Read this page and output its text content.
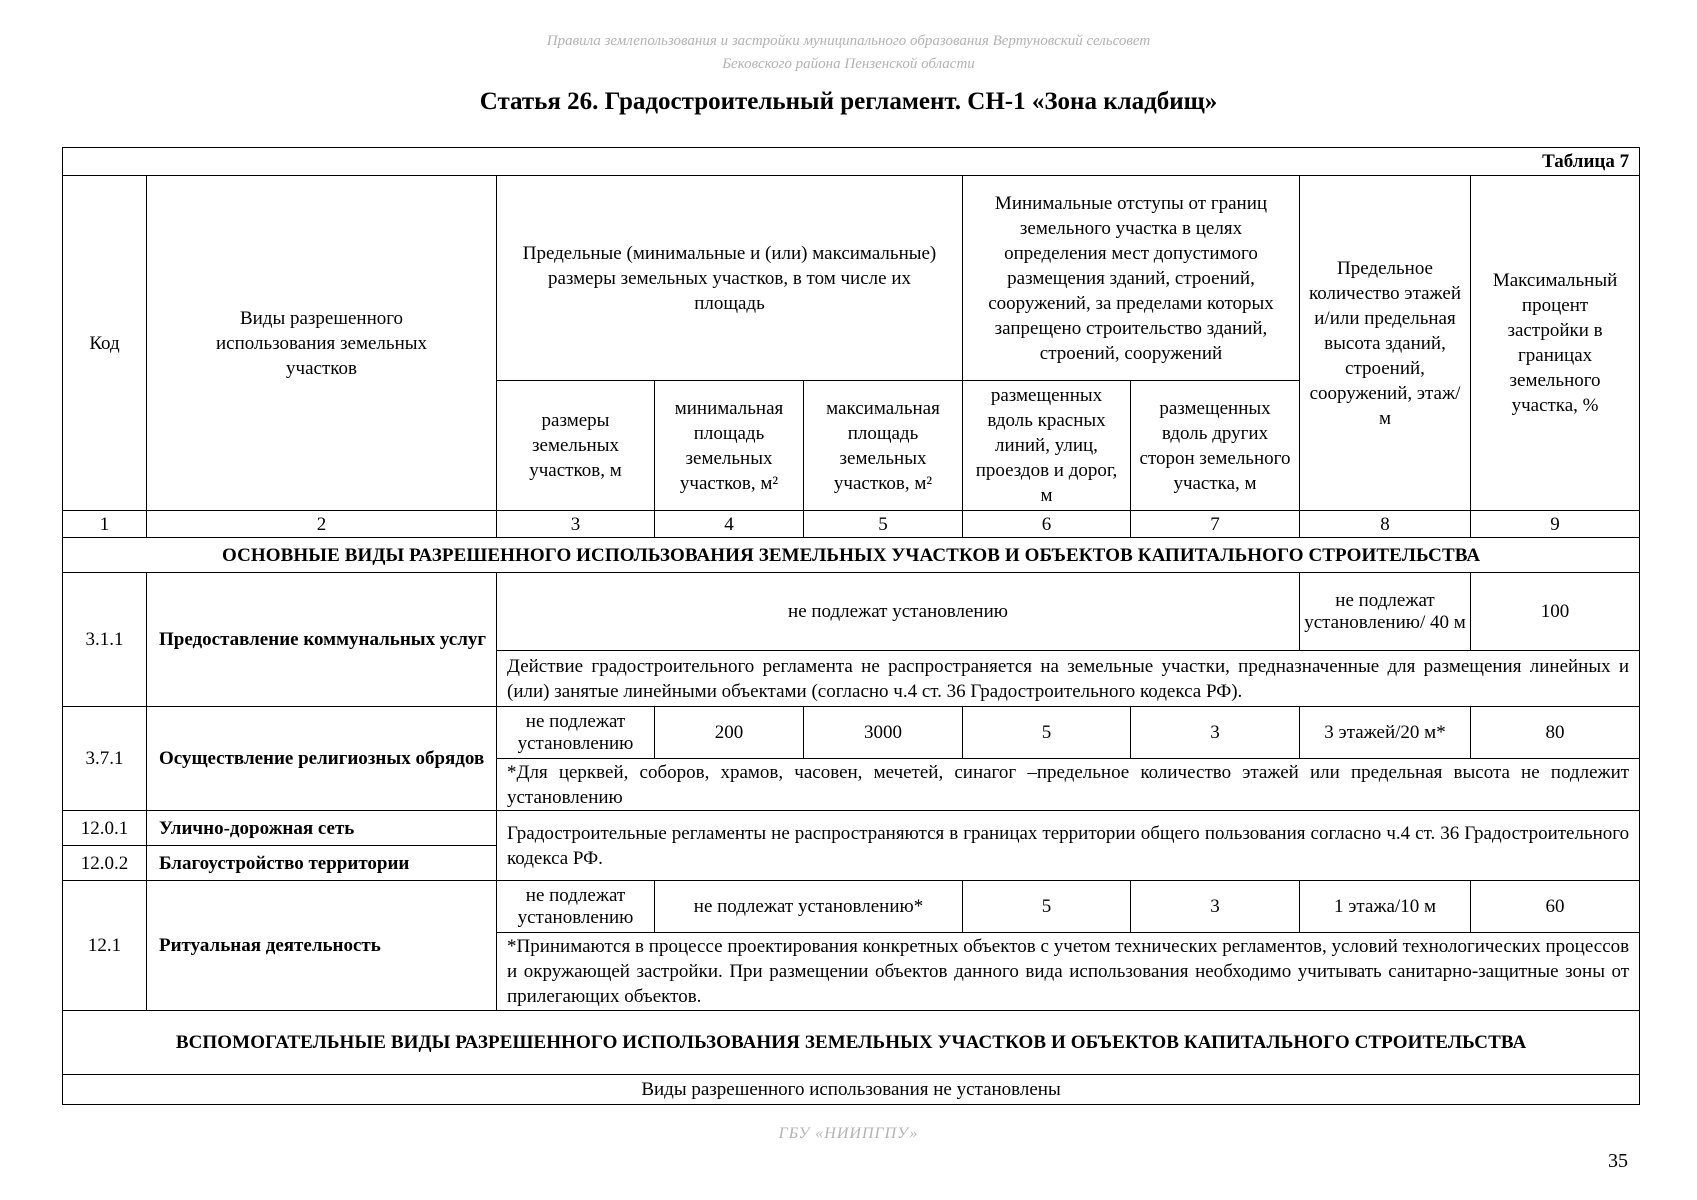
Правила землепользования и застройки муниципального образования Вертуновский сельсовет
Бековского района Пензенской области
Статья 26. Градостроительный регламент. СН-1 «Зона кладбищ»
Таблица 7								
Код	Виды разрешенного использования земельных участков	Предельные (минимальные и (или) максимальные) размеры земельных участков, в том числе их площадь			Минимальные отступы от границ земельного участка в целях определения мест допустимого размещения зданий, строений, сооружений, за пределами которых запрещено строительство зданий, строений, сооружений		Предельное количество этажей и/или предельная высота зданий, строений, сооружений, этаж/м	Максимальный процент застройки в границах земельного участка, %
		размеры земельных участков, м	минимальная площадь земельных участков, м²	максимальная площадь земельных участков, м²	размещенных вдоль красных линий, улиц, проездов и дорог, м	размещенных вдоль других сторон земельного участка, м		
1	2	3	4	5	6	7	8	9
ОСНОВНЫЕ ВИДЫ РАЗРЕШЕННОГО ИСПОЛЬЗОВАНИЯ ЗЕМЕЛЬНЫХ УЧАСТКОВ И ОБЪЕКТОВ КАПИТАЛЬНОГО СТРОИТЕЛЬСТВА								
3.1.1	Предоставление коммунальных услуг	не подлежат установлению					не подлежат установлению/ 40 м	100
		Действие градостроительного регламента не распространяется на земельные участки, предназначенные для размещения линейных и (или) занятые линейными объектами (согласно ч.4 ст. 36 Градостроительного кодекса РФ).						
3.7.1	Осуществление религиозных обрядов	не подлежат установлению	200	3000	5	3	3 этажей/20 м*	80
		*Для церквей, соборов, храмов, часовен, мечетей, синагог –предельное количество этажей или предельная высота не подлежит установлению						
12.0.1	Улично-дорожная сеть	Градостроительные регламенты не распространяются в границах территории общего пользования согласно ч.4 ст. 36 Градостроительного кодекса РФ.						
12.0.2	Благоустройство территории							
12.1	Ритуальная деятельность	не подлежат установлению	не подлежат установлению*		5	3	1 этажа/10 м	60
		*Принимаются в процессе проектирования конкретных объектов с учетом технических регламентов, условий технологических процессов и окружающей застройки. При размещении объектов данного вида использования необходимо учитывать санитарно-защитные зоны от прилегающих объектов.						
ВСПОМОГАТЕЛЬНЫЕ ВИДЫ РАЗРЕШЕННОГО ИСПОЛЬЗОВАНИЯ ЗЕМЕЛЬНЫХ УЧАСТКОВ И ОБЪЕКТОВ КАПИТАЛЬНОГО СТРОИТЕЛЬСТВА								
Виды разрешенного использования не установлены								
ГБУ «НИИПГПУ»
35
